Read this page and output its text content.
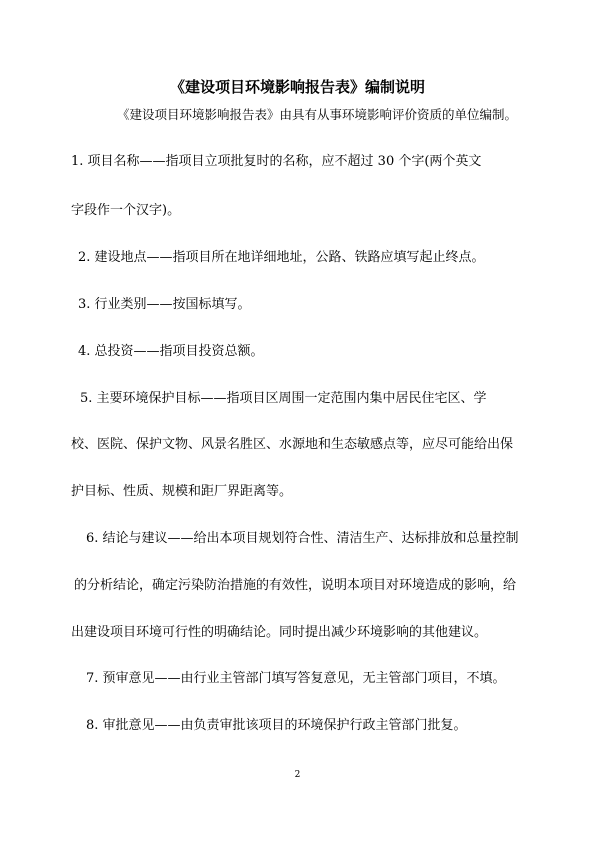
《建设项目环境影响报告表》编制说明
《建设项目环境影响报告表》由具有从事环境影响评价资质的单位编制。
1. 项目名称——指项目立项批复时的名称，应不超过 30 个字(两个英文
字段作一个汉字)。
2. 建设地点——指项目所在地详细地址，公路、铁路应填写起止终点。
3. 行业类别——按国标填写。
4. 总投资——指项目投资总额。
5. 主要环境保护目标——指项目区周围一定范围内集中居民住宅区、学
校、医院、保护文物、风景名胜区、水源地和生态敏感点等，应尽可能给出保
护目标、性质、规模和距厂界距离等。
6. 结论与建议——给出本项目规划符合性、清洁生产、达标排放和总量控制
的分析结论，确定污染防治措施的有效性，说明本项目对环境造成的影响，给
出建设项目环境可行性的明确结论。同时提出减少环境影响的其他建议。
7. 预审意见——由行业主管部门填写答复意见，无主管部门项目，不填。
8. 审批意见——由负责审批该项目的环境保护行政主管部门批复。
2
